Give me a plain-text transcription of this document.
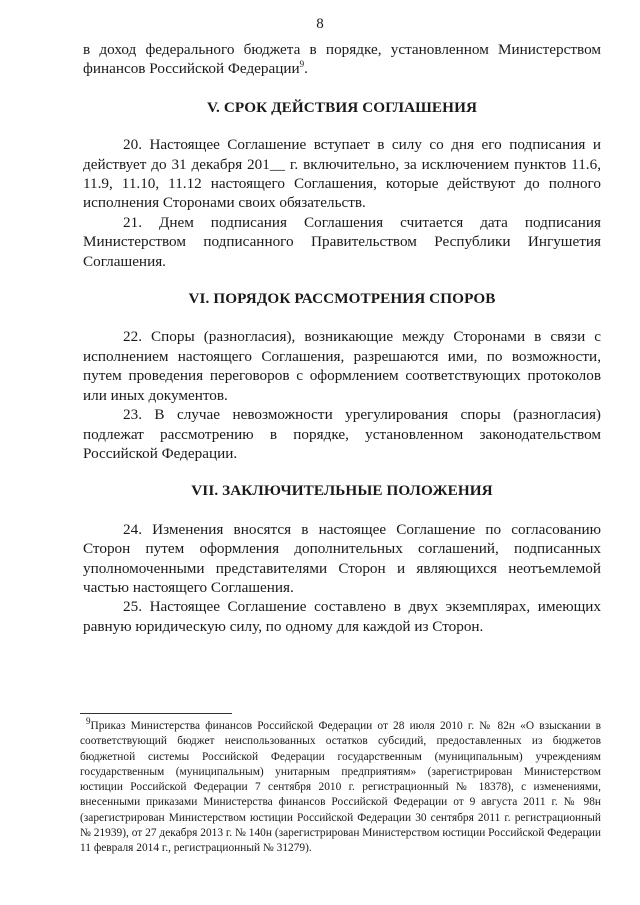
8

в доход федерального бюджета в порядке, установленном Министерством финансов Российской Федерации$^9$.

V. СРОК ДЕЙСТВИЯ СОГЛАШЕНИЯ

20. Настоящее Соглашение вступает в силу со дня его подписания и действует до 31 декабря 201__ г. включительно, за исключением пунктов 11.6, 11.9, 11.10, 11.12 настоящего Соглашения, которые действуют до полного исполнения Сторонами своих обязательств.

21. Днем подписания Соглашения считается дата подписания Министерством подписанного Правительством Республики Ингушетия Соглашения.

VI. ПОРЯДОК РАССМОТРЕНИЯ СПОРОВ

22. Споры (разногласия), возникающие между Сторонами в связи с исполнением настоящего Соглашения, разрешаются ими, по возможности, путем проведения переговоров с оформлением соответствующих протоколов или иных документов.

23. В случае невозможности урегулирования споры (разногласия) подлежат рассмотрению в порядке, установленном законодательством Российской Федерации.

VII. ЗАКЛЮЧИТЕЛЬНЫЕ ПОЛОЖЕНИЯ

24. Изменения вносятся в настоящее Соглашение по согласованию Сторон путем оформления дополнительных соглашений, подписанных уполномоченными представителями Сторон и являющихся неотъемлемой частью настоящего Соглашения.

25. Настоящее Соглашение составлено в двух экземплярах, имеющих равную юридическую силу, по одному для каждой из Сторон.

$^9$Приказ Министерства финансов Российской Федерации от 28 июля 2010 г. № 82н «О взыскании в соответствующий бюджет неиспользованных остатков субсидий, предоставленных из бюджетов бюджетной системы Российской Федерации государственным (муниципальным) учреждениям государственным (муниципальным) унитарным предприятиям» (зарегистрирован Министерством юстиции Российской Федерации 7 сентября 2010 г. регистрационный № 18378), с изменениями, внесенными приказами Министерства финансов Российской Федерации от 9 августа 2011 г. № 98н (зарегистрирован Министерством юстиции Российской Федерации 30 сентября 2011 г. регистрационный № 21939), от 27 декабря 2013 г. № 140н (зарегистрирован Министерством юстиции Российской Федерации 11 февраля 2014 г., регистрационный № 31279).
